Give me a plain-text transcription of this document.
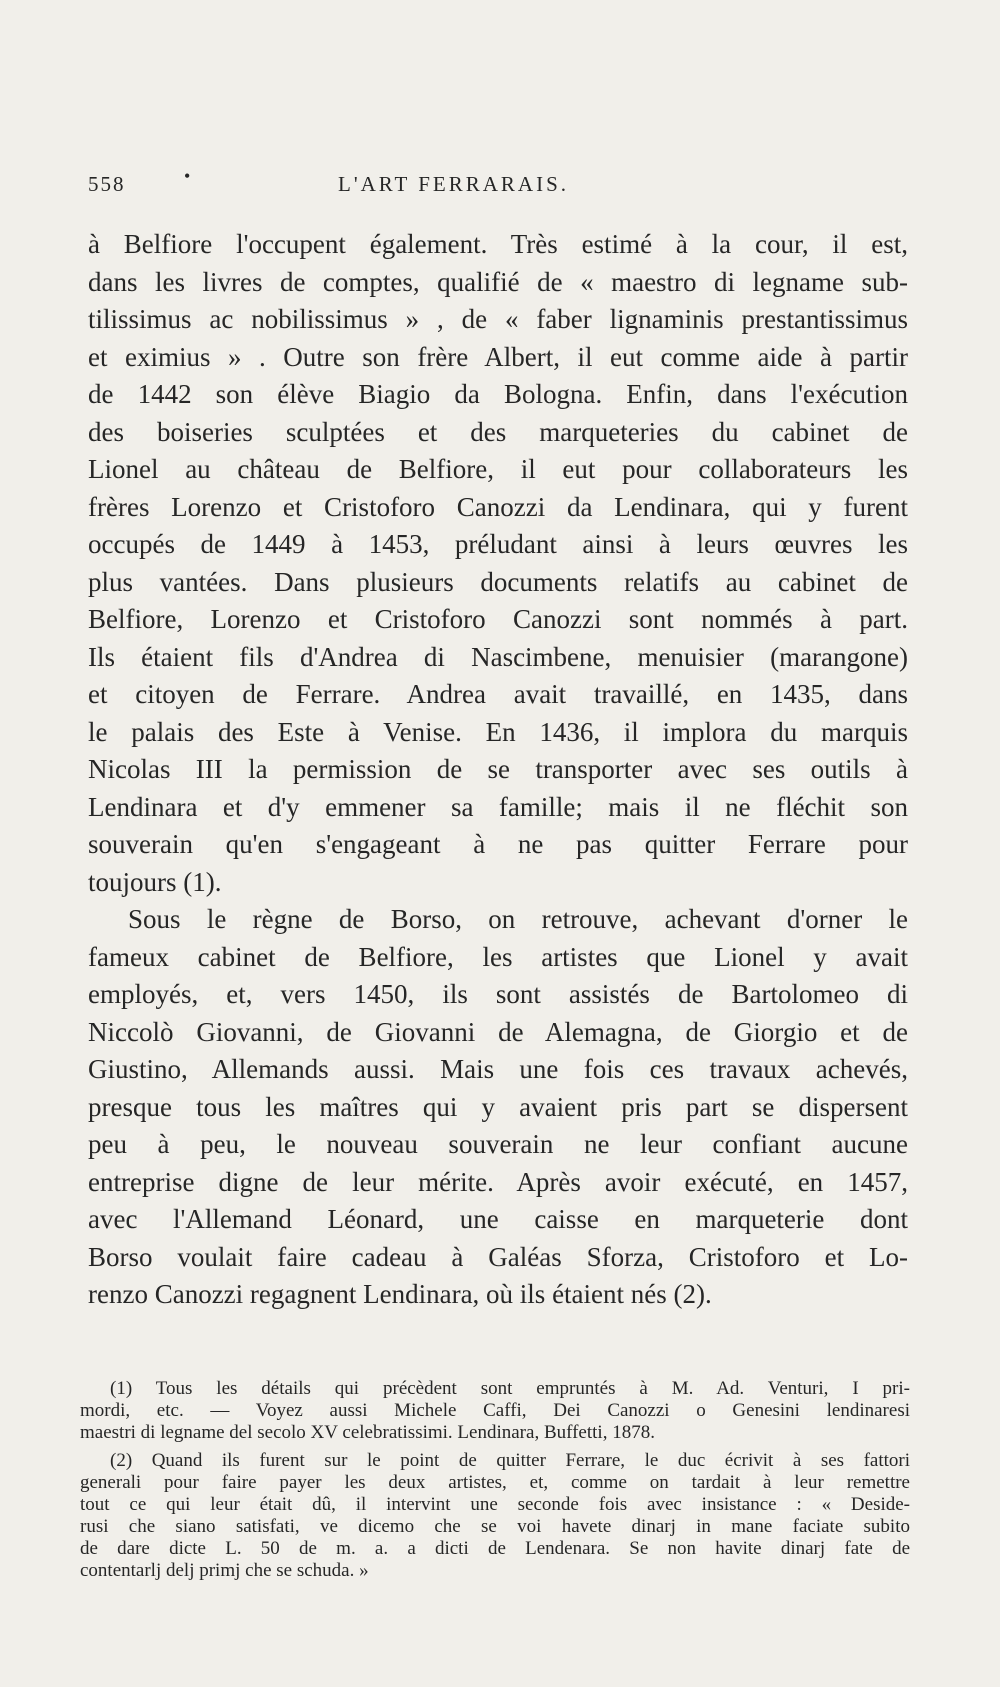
558	•	L'ART FERRARAIS.
à Belfiore l'occupent également. Très estimé à la cour, il est,
dans les livres de comptes, qualifié de « maestro di legname sub-
tilissimus ac nobilissimus » , de « faber lignaminis prestantissimus
et eximius » . Outre son frère Albert, il eut comme aide à partir
de 1442 son élève Biagio da Bologna. Enfin, dans l'exécution
des boiseries sculptées et des marqueteries du cabinet de
Lionel au château de Belfiore, il eut pour collaborateurs les
frères Lorenzo et Cristoforo Canozzi da Lendinara, qui y furent
occupés de 1449 à 1453, préludant ainsi à leurs œuvres les
plus vantées. Dans plusieurs documents relatifs au cabinet de
Belfiore, Lorenzo et Cristoforo Canozzi sont nommés à part.
Ils étaient fils d'Andrea di Nascimbene, menuisier (marangone)
et citoyen de Ferrare. Andrea avait travaillé, en 1435, dans
le palais des Este à Venise. En 1436, il implora du marquis
Nicolas III la permission de se transporter avec ses outils à
Lendinara et d'y emmener sa famille; mais il ne fléchit son
souverain qu'en s'engageant à ne pas quitter Ferrare pour
toujours (1).
Sous le règne de Borso, on retrouve, achevant d'orner le
fameux cabinet de Belfiore, les artistes que Lionel y avait
employés, et, vers 1450, ils sont assistés de Bartolomeo di
Niccolò Giovanni, de Giovanni de Alemagna, de Giorgio et de
Giustino, Allemands aussi. Mais une fois ces travaux achevés,
presque tous les maîtres qui y avaient pris part se dispersent
peu à peu, le nouveau souverain ne leur confiant aucune
entreprise digne de leur mérite. Après avoir exécuté, en 1457,
avec l'Allemand Léonard, une caisse en marqueterie dont
Borso voulait faire cadeau à Galéas Sforza, Cristoforo et Lo-
renzo Canozzi regagnent Lendinara, où ils étaient nés (2).
(1) Tous les détails qui précèdent sont empruntés à M. Ad. Venturi, I pri-
mordi, etc. — Voyez aussi Michele Caffi, Dei Canozzi o Genesini lendinaresi
maestri di legname del secolo XV celebratissimi. Lendinara, Buffetti, 1878.
(2) Quand ils furent sur le point de quitter Ferrare, le duc écrivit à ses fattori
generali pour faire payer les deux artistes, et, comme on tardait à leur remettre
tout ce qui leur était dû, il intervint une seconde fois avec insistance : « Deside-
rusi che siano satisfati, ve dicemo che se voi havete dinarj in mane faciate subito
de dare dicte L. 50 de m. a. a dicti de Lendenara. Se non havite dinarj fate de
contentarlj delj primj che se schuda. »
